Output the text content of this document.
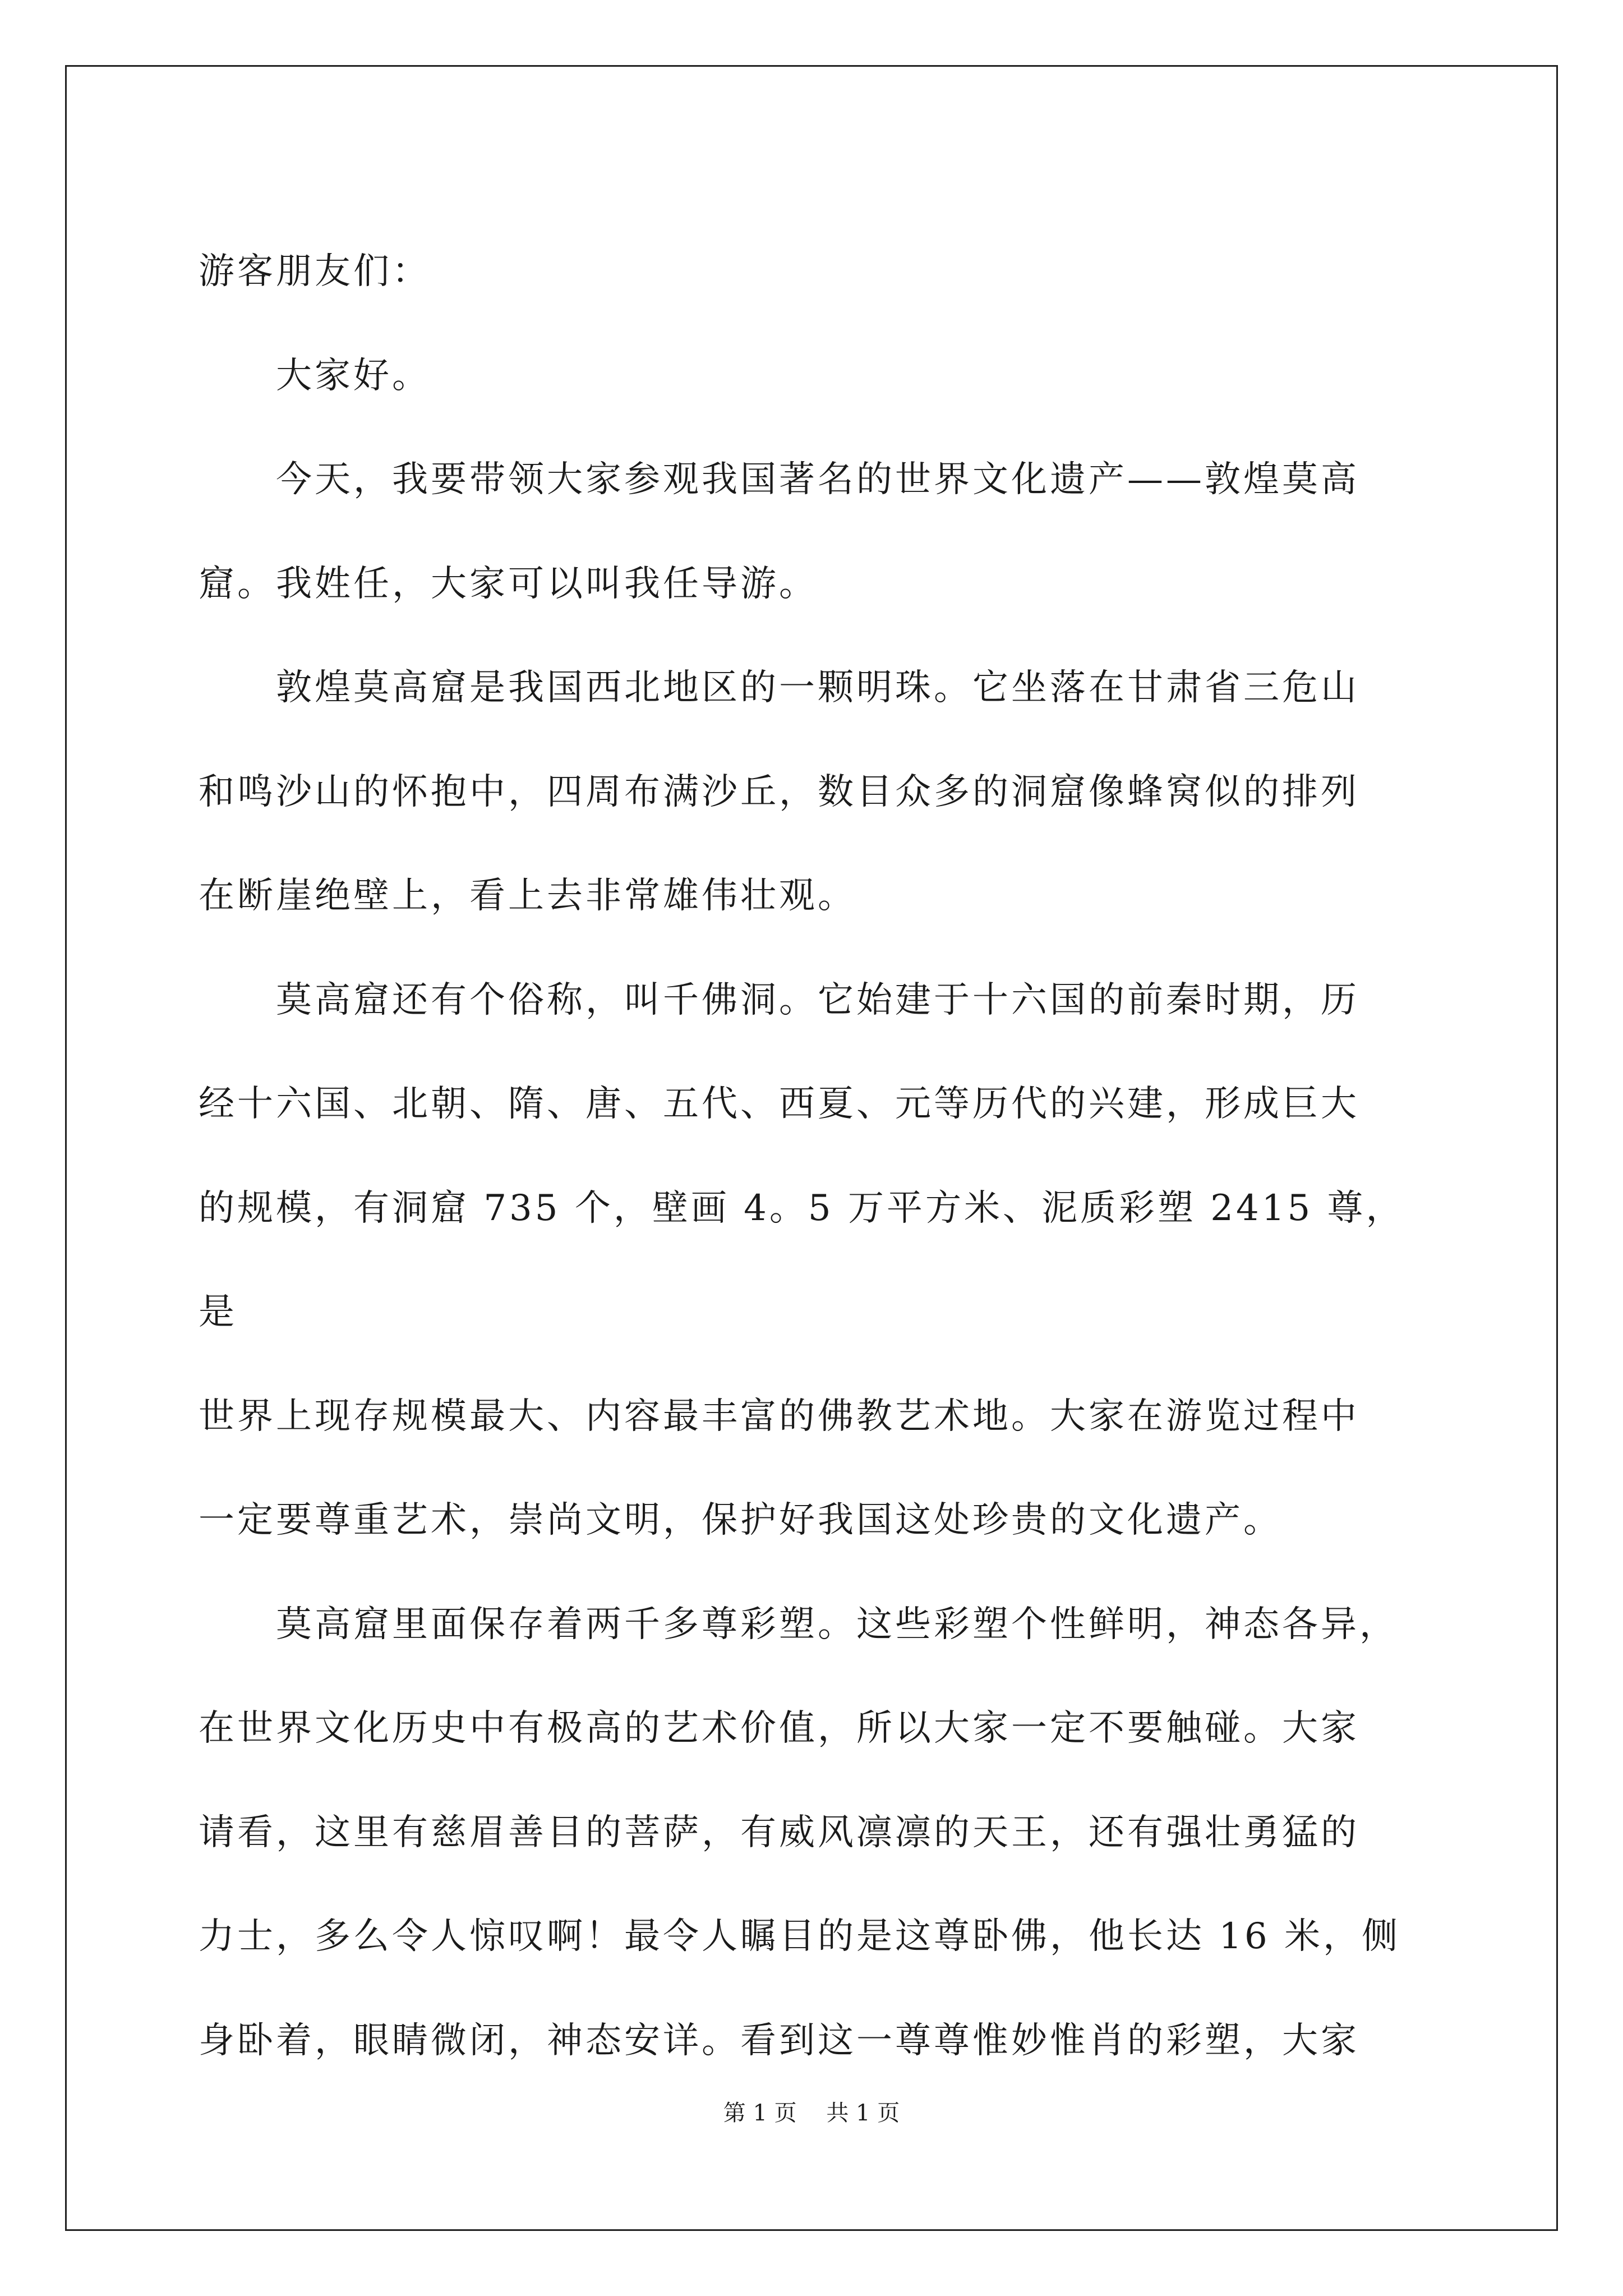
游客朋友们：

　　大家好。

　　今天，我要带领大家参观我国著名的世界文化遗产——敦煌莫高

窟。我姓任，大家可以叫我任导游。

　　敦煌莫高窟是我国西北地区的一颗明珠。它坐落在甘肃省三危山

和鸣沙山的怀抱中，四周布满沙丘，数目众多的洞窟像蜂窝似的排列

在断崖绝壁上，看上去非常雄伟壮观。

　　莫高窟还有个俗称，叫千佛洞。它始建于十六国的前秦时期，历

经十六国、北朝、隋、唐、五代、西夏、元等历代的兴建，形成巨大

的规模，有洞窟 735 个，壁画 4。5 万平方米、泥质彩塑 2415 尊，是

世界上现存规模最大、内容最丰富的佛教艺术地。大家在游览过程中

一定要尊重艺术，崇尚文明，保护好我国这处珍贵的文化遗产。

　　莫高窟里面保存着两千多尊彩塑。这些彩塑个性鲜明，神态各异，

在世界文化历史中有极高的艺术价值，所以大家一定不要触碰。大家

请看，这里有慈眉善目的菩萨，有威风凛凛的天王，还有强壮勇猛的

力士，多么令人惊叹啊！最令人瞩目的是这尊卧佛，他长达 16 米，侧

身卧着，眼睛微闭，神态安详。看到这一尊尊惟妙惟肖的彩塑，大家

第 1 页　 共 1 页
